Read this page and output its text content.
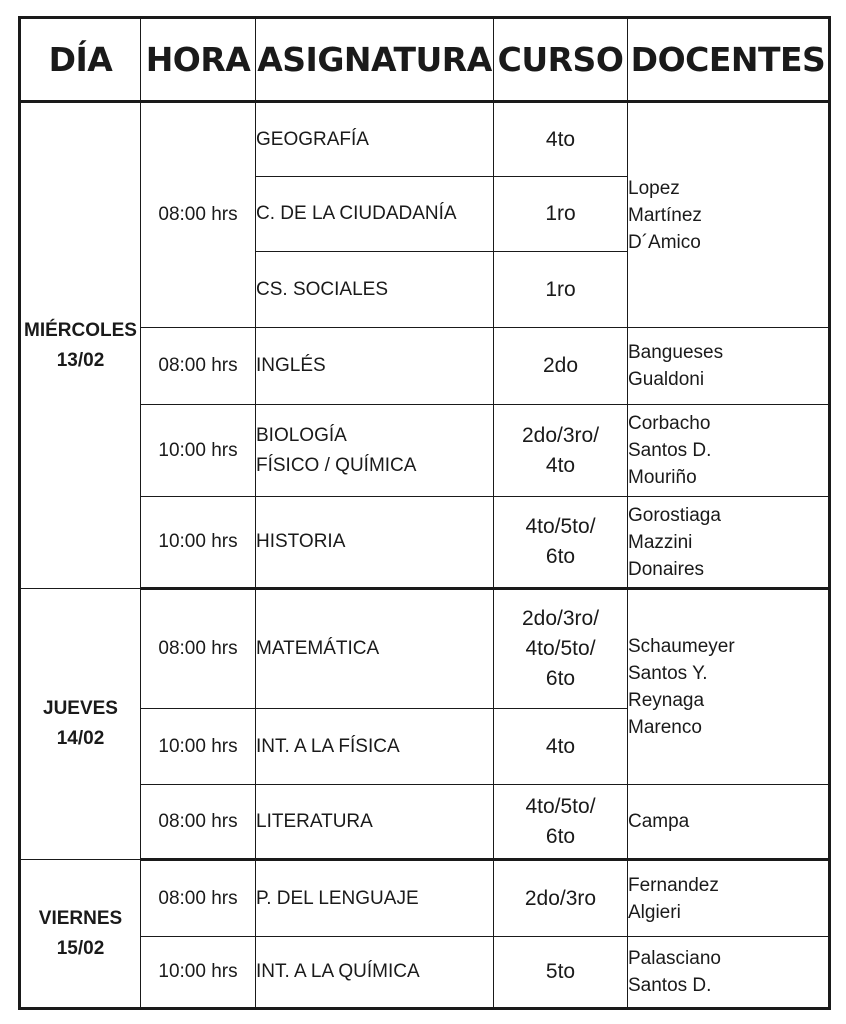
DÍA	HORA	ASIGNATURA	CURSO	DOCENTES

MIÉRCOLES
13/02	08:00 hrs	GEOGRAFÍA	4to	Lopez
Martínez
D´Amico

		C. DE LA CIUDADANÍA	1ro	

		CS. SOCIALES	1ro	

	08:00 hrs	INGLÉS	2do	Bangueses
Gualdoni

	10:00 hrs	BIOLOGÍA
FÍSICO / QUÍMICA	2do/3ro/
4to	Corbacho
Santos D.
Mouriño

	10:00 hrs	HISTORIA	4to/5to/
6to	Gorostiaga
Mazzini
Donaires

JUEVES
14/02	08:00 hrs	MATEMÁTICA	2do/3ro/
4to/5to/
6to	Schaumeyer
Santos Y.
Reynaga
Marenco

	10:00 hrs	INT. A LA FÍSICA	4to	

	08:00 hrs	LITERATURA	4to/5to/
6to	Campa

VIERNES
15/02	08:00 hrs	P. DEL LENGUAJE	2do/3ro	Fernandez
Algieri

	10:00 hrs	INT. A LA QUÍMICA	5to	Palasciano
Santos D.
